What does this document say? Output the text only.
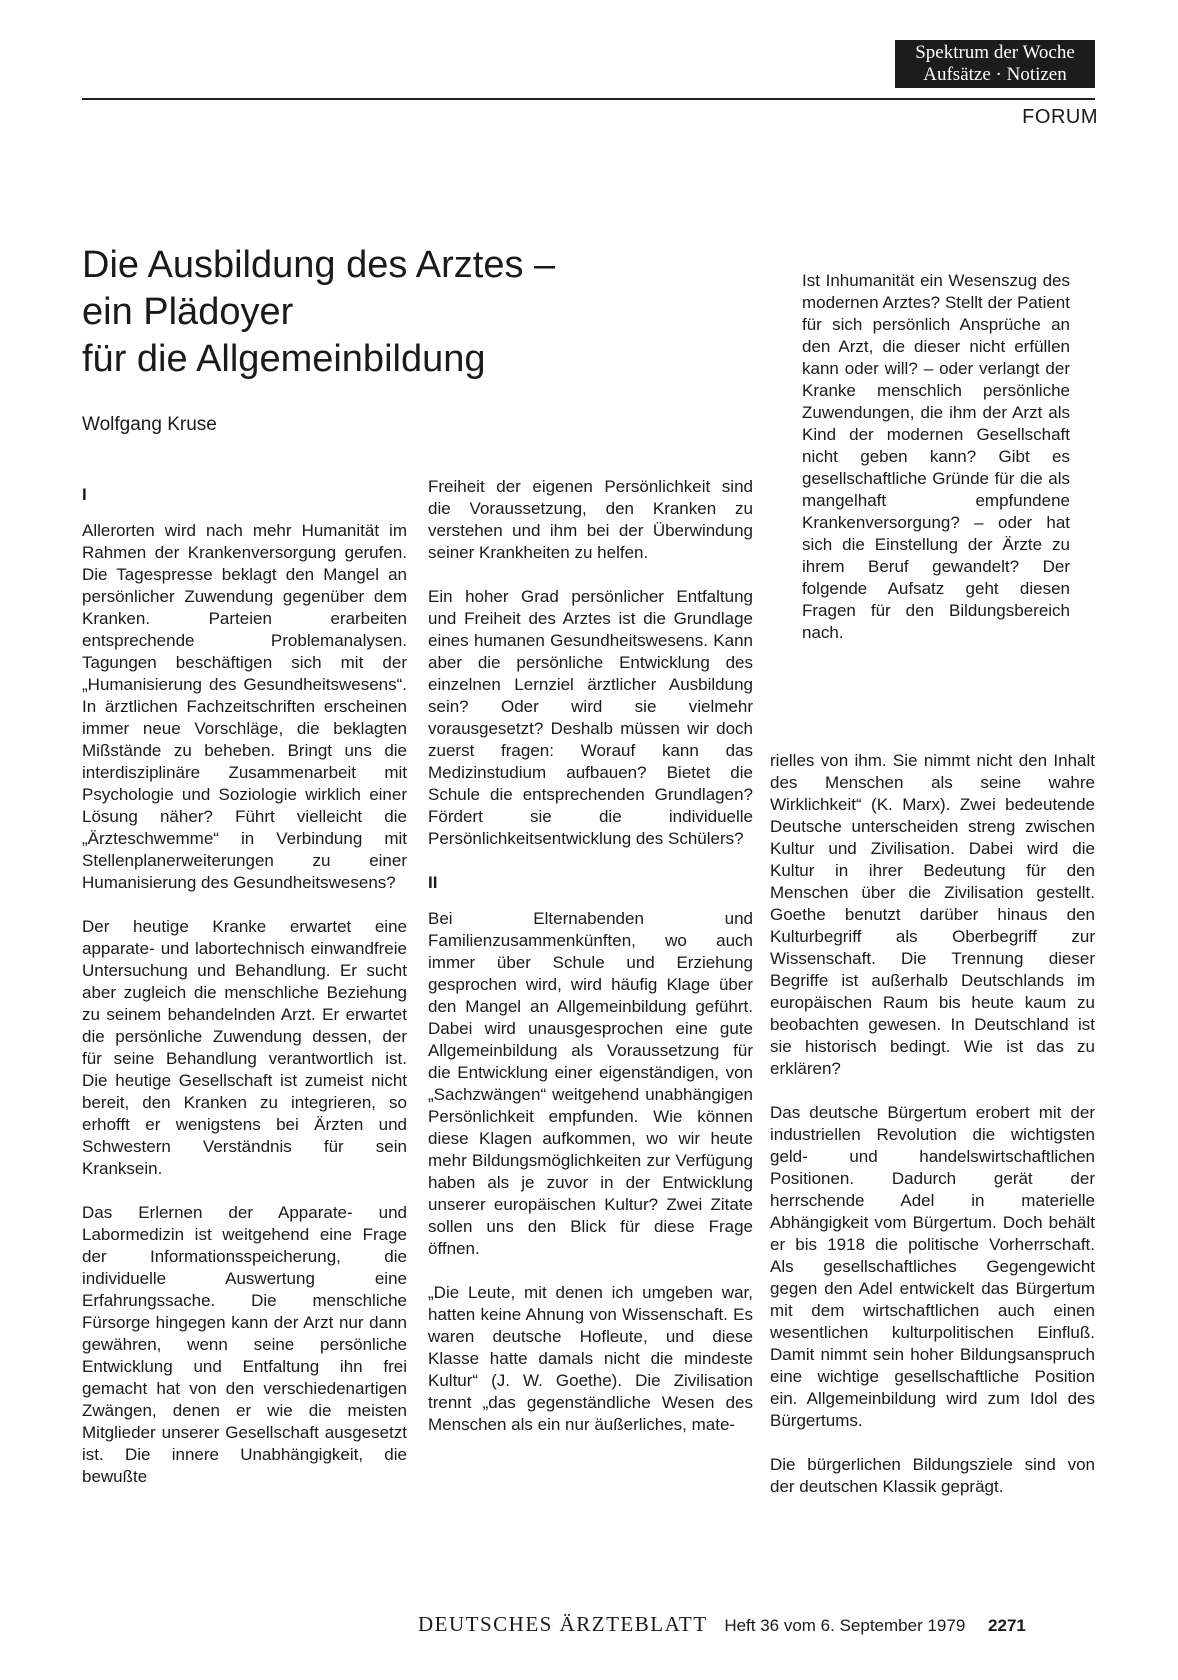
Spektrum der Woche
Aufsätze · Notizen
FORUM
Die Ausbildung des Arztes –
ein Plädoyer
für die Allgemeinbildung
Wolfgang Kruse
I

Allerorten wird nach mehr Humanität im Rahmen der Krankenversorgung gerufen. Die Tagespresse beklagt den Mangel an persönlicher Zuwendung gegenüber dem Kranken. Parteien erarbeiten entsprechende Problemanalysen. Tagungen beschäftigen sich mit der „Humanisierung des Gesundheitswesens“. In ärztlichen Fachzeitschriften erscheinen immer neue Vorschläge, die beklagten Mißstände zu beheben. Bringt uns die interdisziplinäre Zusammenarbeit mit Psychologie und Soziologie wirklich einer Lösung näher? Führt vielleicht die „Ärzteschwemme“ in Verbindung mit Stellenplanerweiterungen zu einer Humanisierung des Gesundheitswesens?

Der heutige Kranke erwartet eine apparate- und labortechnisch einwandfreie Untersuchung und Behandlung. Er sucht aber zugleich die menschliche Beziehung zu seinem behandelnden Arzt. Er erwartet die persönliche Zuwendung dessen, der für seine Behandlung verantwortlich ist. Die heutige Gesellschaft ist zumeist nicht bereit, den Kranken zu integrieren, so erhofft er wenigstens bei Ärzten und Schwestern Verständnis für sein Kranksein.

Das Erlernen der Apparate- und Labormedizin ist weitgehend eine Frage der Informationsspeicherung, die individuelle Auswertung eine Erfahrungssache. Die menschliche Fürsorge hingegen kann der Arzt nur dann gewähren, wenn seine persönliche Entwicklung und Entfaltung ihn frei gemacht hat von den verschiedenartigen Zwängen, denen er wie die meisten Mitglieder unserer Gesellschaft ausgesetzt ist. Die innere Unabhängigkeit, die bewußte

Freiheit der eigenen Persönlichkeit sind die Voraussetzung, den Kranken zu verstehen und ihm bei der Überwindung seiner Krankheiten zu helfen.

Ein hoher Grad persönlicher Entfaltung und Freiheit des Arztes ist die Grundlage eines humanen Gesundheitswesens. Kann aber die persönliche Entwicklung des einzelnen Lernziel ärztlicher Ausbildung sein? Oder wird sie vielmehr vorausgesetzt? Deshalb müssen wir doch zuerst fragen: Worauf kann das Medizinstudium aufbauen? Bietet die Schule die entsprechenden Grundlagen? Fördert sie die individuelle Persönlichkeitsentwicklung des Schülers?

II

Bei Elternabenden und Familienzusammenkünften, wo auch immer über Schule und Erziehung gesprochen wird, wird häufig Klage über den Mangel an Allgemeinbildung geführt. Dabei wird unausgesprochen eine gute Allgemeinbildung als Voraussetzung für die Entwicklung einer eigenständigen, von „Sachzwängen“ weitgehend unabhängigen Persönlichkeit empfunden. Wie können diese Klagen aufkommen, wo wir heute mehr Bildungsmöglichkeiten zur Verfügung haben als je zuvor in der Entwicklung unserer europäischen Kultur? Zwei Zitate sollen uns den Blick für diese Frage öffnen.

„Die Leute, mit denen ich umgeben war, hatten keine Ahnung von Wissenschaft. Es waren deutsche Hofleute, und diese Klasse hatte damals nicht die mindeste Kultur“ (J. W. Goethe). Die Zivilisation trennt „das gegenständliche Wesen des Menschen als ein nur äußerliches, mate-

Ist Inhumanität ein Wesenszug des modernen Arztes? Stellt der Patient für sich persönlich Ansprüche an den Arzt, die dieser nicht erfüllen kann oder will? – oder verlangt der Kranke menschlich persönliche Zuwendungen, die ihm der Arzt als Kind der modernen Gesellschaft nicht geben kann? Gibt es gesellschaftliche Gründe für die als mangelhaft empfundene Krankenversorgung? – oder hat sich die Einstellung der Ärzte zu ihrem Beruf gewandelt? Der folgende Aufsatz geht diesen Fragen für den Bildungsbereich nach.

rielles von ihm. Sie nimmt nicht den Inhalt des Menschen als seine wahre Wirklichkeit“ (K. Marx). Zwei bedeutende Deutsche unterscheiden streng zwischen Kultur und Zivilisation. Dabei wird die Kultur in ihrer Bedeutung für den Menschen über die Zivilisation gestellt. Goethe benutzt darüber hinaus den Kulturbegriff als Oberbegriff zur Wissenschaft. Die Trennung dieser Begriffe ist außerhalb Deutschlands im europäischen Raum bis heute kaum zu beobachten gewesen. In Deutschland ist sie historisch bedingt. Wie ist das zu erklären?

Das deutsche Bürgertum erobert mit der industriellen Revolution die wichtigsten geld- und handelswirtschaftlichen Positionen. Dadurch gerät der herrschende Adel in materielle Abhängigkeit vom Bürgertum. Doch behält er bis 1918 die politische Vorherrschaft. Als gesellschaftliches Gegengewicht gegen den Adel entwickelt das Bürgertum mit dem wirtschaftlichen auch einen wesentlichen kulturpolitischen Einfluß. Damit nimmt sein hoher Bildungsanspruch eine wichtige gesellschaftliche Position ein. Allgemeinbildung wird zum Idol des Bürgertums.

Die bürgerlichen Bildungsziele sind von der deutschen Klassik geprägt.

DEUTSCHES ÄRZTEBLATT Heft 36 vom 6. September 1979 2271
